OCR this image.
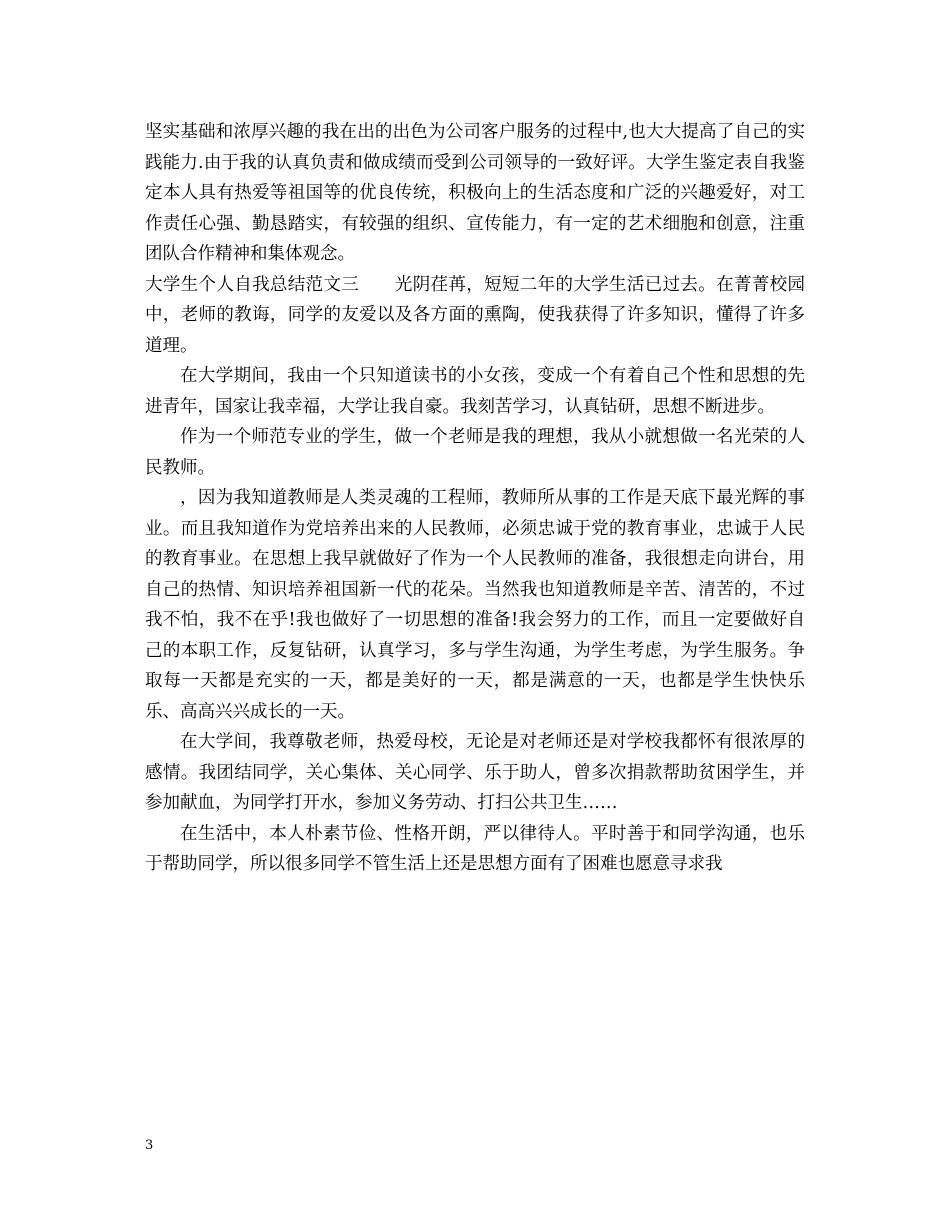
坚实基础和浓厚兴趣的我在出的出色为公司客户服务的过程中,也大大提高了自己的实践能力.由于我的认真负责和做成绩而受到公司领导的一致好评。大学生鉴定表自我鉴定本人具有热爱等祖国等的优良传统，积极向上的生活态度和广泛的兴趣爱好，对工作责任心强、勤恳踏实，有较强的组织、宣传能力，有一定的艺术细胞和创意，注重团队合作精神和集体观念。

大学生个人自我总结范文三　　光阴荏苒，短短二年的大学生活已过去。在菁菁校园中，老师的教诲，同学的友爱以及各方面的熏陶，使我获得了许多知识，懂得了许多道理。

在大学期间，我由一个只知道读书的小女孩，变成一个有着自己个性和思想的先进青年，国家让我幸福，大学让我自豪。我刻苦学习，认真钻研，思想不断进步。

作为一个师范专业的学生，做一个老师是我的理想，我从小就想做一名光荣的人民教师。

，因为我知道教师是人类灵魂的工程师，教师所从事的工作是天底下最光辉的事业。而且我知道作为党培养出来的人民教师，必须忠诚于党的教育事业，忠诚于人民的教育事业。在思想上我早就做好了作为一个人民教师的准备，我很想走向讲台，用自己的热情、知识培养祖国新一代的花朵。当然我也知道教师是辛苦、清苦的，不过我不怕，我不在乎!我也做好了一切思想的准备!我会努力的工作，而且一定要做好自己的本职工作，反复钻研，认真学习，多与学生沟通，为学生考虑，为学生服务。争取每一天都是充实的一天，都是美好的一天，都是满意的一天，也都是学生快快乐乐、高高兴兴成长的一天。

在大学间，我尊敬老师，热爱母校，无论是对老师还是对学校我都怀有很浓厚的感情。我团结同学，关心集体、关心同学、乐于助人，曾多次捐款帮助贫困学生，并参加献血，为同学打开水，参加义务劳动、打扫公共卫生……

在生活中，本人朴素节俭、性格开朗，严以律待人。平时善于和同学沟通，也乐于帮助同学，所以很多同学不管生活上还是思想方面有了困难也愿意寻求我

3
